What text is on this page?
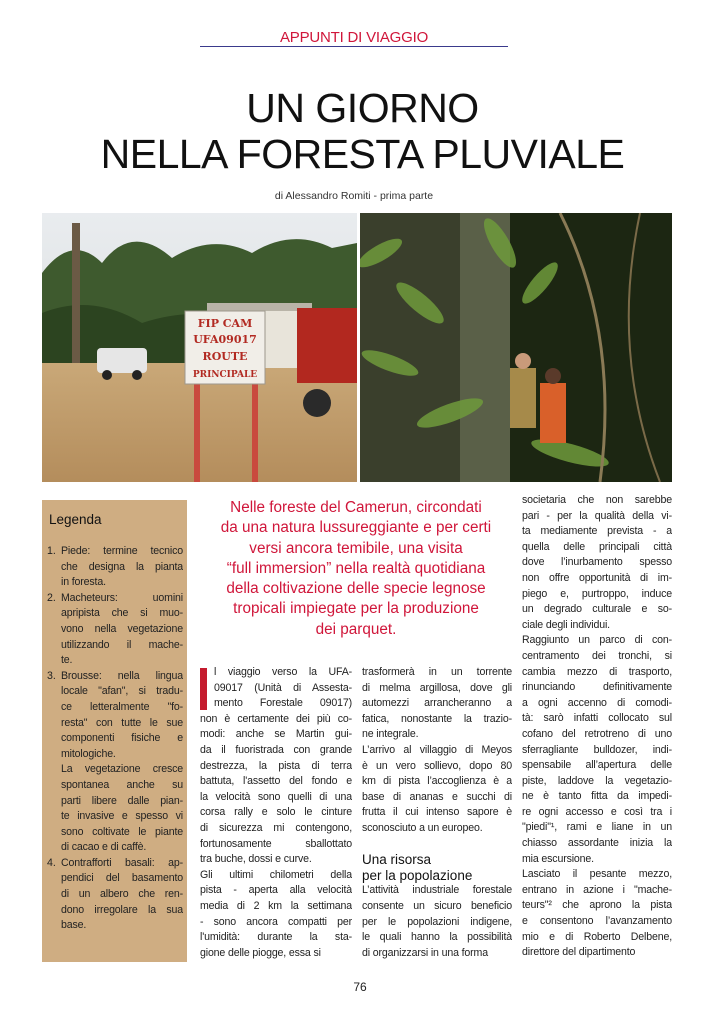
APPUNTI DI VIAGGIO
UN GIORNO
NELLA FORESTA PLUVIALE
di Alessandro Romiti - prima parte
FIP CAM
UFA09017
ROUTE
PRINCIPALE
Legenda
1. Piede: termine tecnico
che designa la pianta
in foresta.
2. Macheteurs: uomini
apripista che si muo-
vono nella vegetazione
utilizzando il mache-
te.
3. Brousse: nella lingua
locale "afan", si tradu-
ce letteralmente "fo-
resta" con tutte le sue
componenti fisiche e
mitologiche.
La vegetazione cresce
spontanea anche su
parti libere dalle pian-
te invasive e spesso vi
sono coltivate le piante
di cacao e di caffè.
4. Contrafforti basali: ap-
pendici del basamento
di un albero che ren-
dono irregolare la sua
base.
Nelle foreste del Camerun, circondati
da una natura lussureggiante e per certi
versi ancora temibile, una visita
“full immersion” nella realtà quotidiana
della coltivazione delle specie legnose
tropicali impiegate per la produzione
dei parquet.
l viaggio verso la UFA-
09017 (Unità di Assesta-
mento Forestale 09017)
non è certamente dei più co-
modi: anche se Martin gui-
da il fuoristrada con grande
destrezza, la pista di terra
battuta, l'assetto del fondo e
la velocità sono quelli di una
corsa rally e solo le cinture
di sicurezza mi contengono,
fortunosamente sballottato
tra buche, dossi e curve.
Gli ultimi chilometri della
pista - aperta alla velocità
media di 2 km la settimana
- sono ancora compatti per
l'umidità: durante la sta-
gione delle piogge, essa si
trasformerà in un torrente
di melma argillosa, dove gli
automezzi arrancheranno a
fatica, nonostante la trazio-
ne integrale.
L’arrivo al villaggio di Meyos
è un vero sollievo, dopo 80
km di pista l’accoglienza è a
base di ananas e succhi di
frutta il cui intenso sapore è
sconosciuto a un europeo.
Una risorsa
per la popolazione
L’attività industriale forestale
consente un sicuro beneficio
per le popolazioni indigene,
le quali hanno la possibilità
di organizzarsi in una forma
societaria che non sarebbe
pari - per la qualità della vi-
ta mediamente prevista - a
quella delle principali città
dove l’inurbamento spesso
non offre opportunità di im-
piego e, purtroppo, induce
un degrado culturale e so-
ciale degli individui.
Raggiunto un parco di con-
centramento dei tronchi, si
cambia mezzo di trasporto,
rinunciando definitivamente
a ogni accenno di comodi-
tà: sarò infatti collocato sul
cofano del retrotreno di uno
sferragliante bulldozer, indi-
spensabile all’apertura delle
piste, laddove la vegetazio-
ne è tanto fitta da impedi-
re ogni accesso e così tra i
"piedi"¹, rami e liane in un
chiasso assordante inizia la
mia escursione.
Lasciato il pesante mezzo,
entrano in azione i "mache-
teurs"² che aprono la pista
e consentono l’avanzamento
mio e di Roberto Delbene,
direttore del dipartimento
76
